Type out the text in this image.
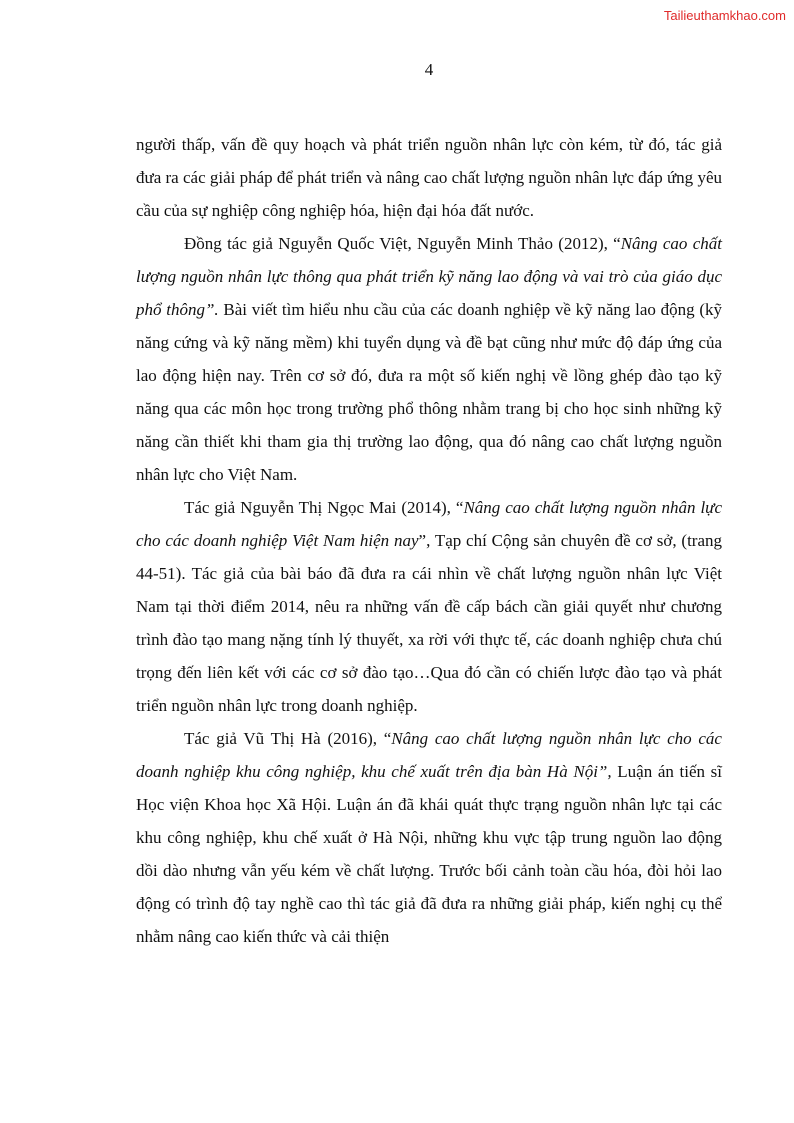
Tailieuthamkhao.com
4

người thấp, vấn đề quy hoạch và phát triển nguồn nhân lực còn kém, từ đó, tác giả đưa ra các giải pháp để phát triển và nâng cao chất lượng nguồn nhân lực đáp ứng yêu cầu của sự nghiệp công nghiệp hóa, hiện đại hóa đất nước.

Đồng tác giả Nguyễn Quốc Việt, Nguyễn Minh Thảo (2012), “Nâng cao chất lượng nguồn nhân lực thông qua phát triển kỹ năng lao động và vai trò của giáo dục phổ thông”. Bài viết tìm hiểu nhu cầu của các doanh nghiệp về kỹ năng lao động (kỹ năng cứng và kỹ năng mềm) khi tuyển dụng và đề bạt cũng như mức độ đáp ứng của lao động hiện nay. Trên cơ sở đó, đưa ra một số kiến nghị về lồng ghép đào tạo kỹ năng qua các môn học trong trường phổ thông nhằm trang bị cho học sinh những kỹ năng cần thiết khi tham gia thị trường lao động, qua đó nâng cao chất lượng nguồn nhân lực cho Việt Nam.

Tác giả Nguyễn Thị Ngọc Mai (2014), “Nâng cao chất lượng nguồn nhân lực cho các doanh nghiệp Việt Nam hiện nay”, Tạp chí Cộng sản chuyên đề cơ sở, (trang 44-51). Tác giả của bài báo đã đưa ra cái nhìn về chất lượng nguồn nhân lực Việt Nam tại thời điểm 2014, nêu ra những vấn đề cấp bách cần giải quyết như chương trình đào tạo mang nặng tính lý thuyết, xa rời với thực tế, các doanh nghiệp chưa chú trọng đến liên kết với các cơ sở đào tạo…Qua đó cần có chiến lược đào tạo và phát triển nguồn nhân lực trong doanh nghiệp.

Tác giả Vũ Thị Hà (2016), “Nâng cao chất lượng nguồn nhân lực cho các doanh nghiệp khu công nghiệp, khu chế xuất trên địa bàn Hà Nội”, Luận án tiến sĩ Học viện Khoa học Xã Hội. Luận án đã khái quát thực trạng nguồn nhân lực tại các khu công nghiệp, khu chế xuất ở Hà Nội, những khu vực tập trung nguồn lao động dồi dào nhưng vẫn yếu kém về chất lượng. Trước bối cảnh toàn cầu hóa, đòi hỏi lao động có trình độ tay nghề cao thì tác giả đã đưa ra những giải pháp, kiến nghị cụ thể nhằm nâng cao kiến thức và cải thiện
